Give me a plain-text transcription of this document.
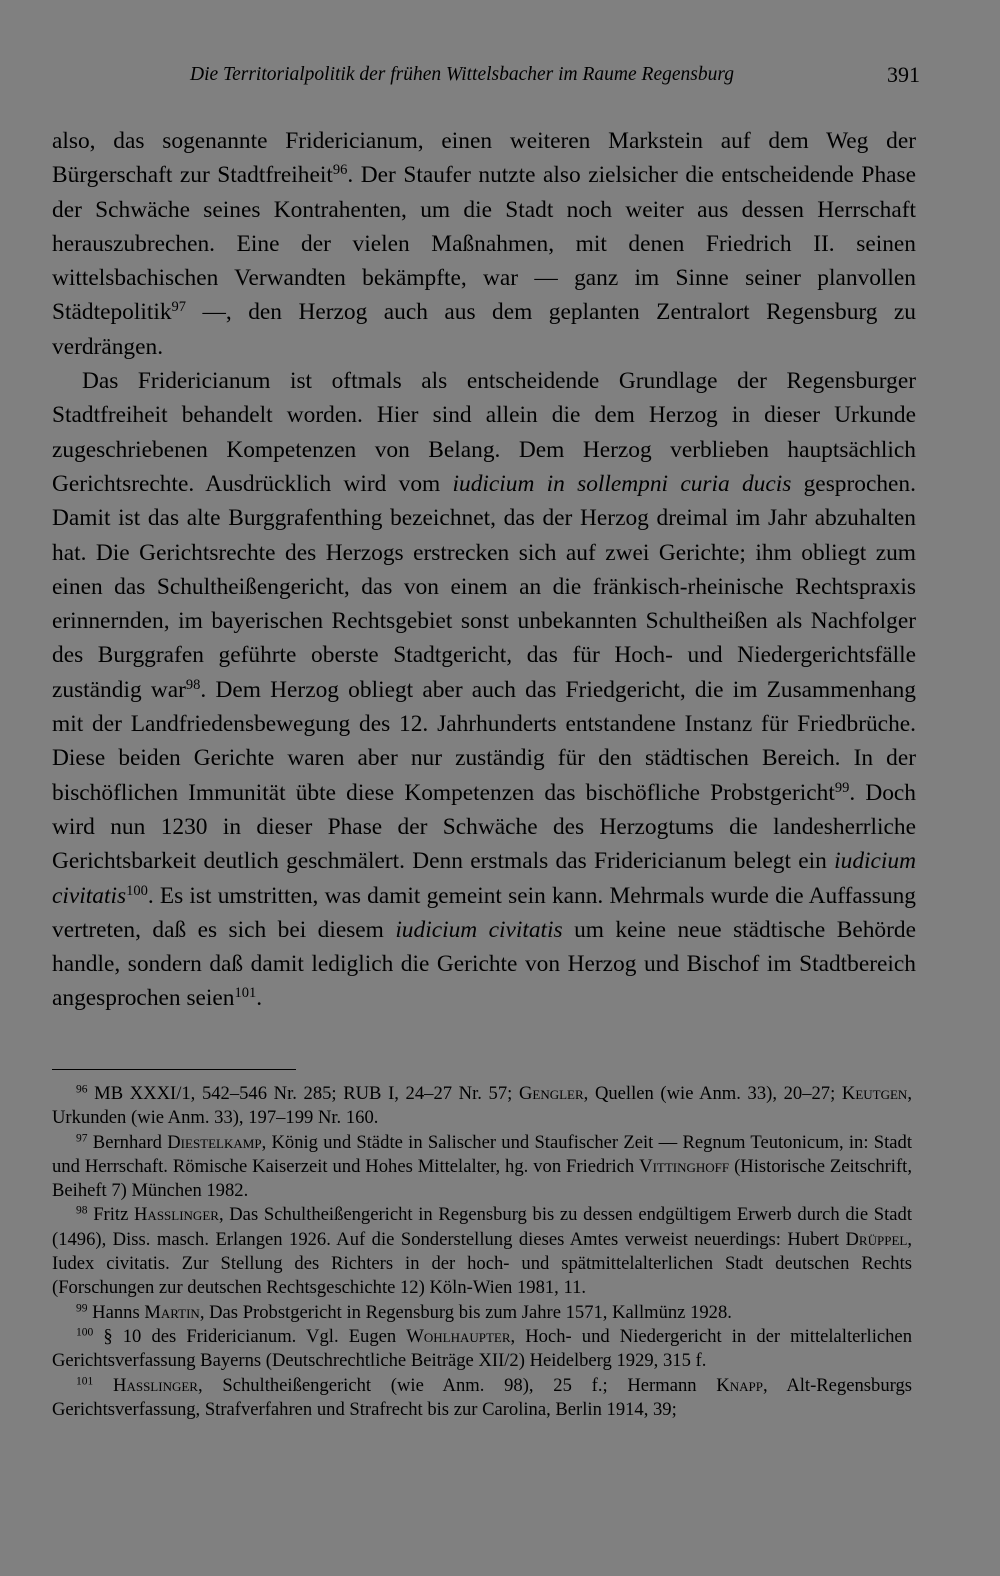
Die Territorialpolitik der frühen Wittelsbacher im Raume Regensburg	391

also, das sogenannte Fridericianum, einen weiteren Markstein auf dem Weg der Bürgerschaft zur Stadtfreiheit$^{96}$. Der Staufer nutzte also zielsicher die entscheidende Phase der Schwäche seines Kontrahenten, um die Stadt noch weiter aus dessen Herrschaft herauszubrechen. Eine der vielen Maßnahmen, mit denen Friedrich II. seinen wittelsbachischen Verwandten bekämpfte, war — ganz im Sinne seiner planvollen Städtepolitik$^{97}$ —, den Herzog auch aus dem geplanten Zentralort Regensburg zu verdrängen.

Das Fridericianum ist oftmals als entscheidende Grundlage der Regensburger Stadtfreiheit behandelt worden. Hier sind allein die dem Herzog in dieser Urkunde zugeschriebenen Kompetenzen von Belang. Dem Herzog verblieben hauptsächlich Gerichtsrechte. Ausdrücklich wird vom iudicium in sollempni curia ducis gesprochen. Damit ist das alte Burggrafenthing bezeichnet, das der Herzog dreimal im Jahr abzuhalten hat. Die Gerichtsrechte des Herzogs erstrecken sich auf zwei Gerichte; ihm obliegt zum einen das Schultheißengericht, das von einem an die fränkisch-rheinische Rechtspraxis erinnernden, im bayerischen Rechtsgebiet sonst unbekannten Schultheißen als Nachfolger des Burggrafen geführte oberste Stadtgericht, das für Hoch- und Niedergerichtsfälle zuständig war$^{98}$. Dem Herzog obliegt aber auch das Friedgericht, die im Zusammenhang mit der Landfriedensbewegung des 12. Jahrhunderts entstandene Instanz für Friedbrüche. Diese beiden Gerichte waren aber nur zuständig für den städtischen Bereich. In der bischöflichen Immunität übte diese Kompetenzen das bischöfliche Probstgericht$^{99}$. Doch wird nun 1230 in dieser Phase der Schwäche des Herzogtums die landesherrliche Gerichtsbarkeit deutlich geschmälert. Denn erstmals das Fridericianum belegt ein iudicium civitatis$^{100}$. Es ist umstritten, was damit gemeint sein kann. Mehrmals wurde die Auffassung vertreten, daß es sich bei diesem iudicium civitatis um keine neue städtische Behörde handle, sondern daß damit lediglich die Gerichte von Herzog und Bischof im Stadtbereich angesprochen seien$^{101}$.

$^{96}$ MB XXXI/1, 542–546 Nr. 285; RUB I, 24–27 Nr. 57; Gengler, Quellen (wie Anm. 33), 20–27; Keutgen, Urkunden (wie Anm. 33), 197–199 Nr. 160.

$^{97}$ Bernhard Diestelkamp, König und Städte in Salischer und Staufischer Zeit — Regnum Teutonicum, in: Stadt und Herrschaft. Römische Kaiserzeit und Hohes Mittelalter, hg. von Friedrich Vittinghoff (Historische Zeitschrift, Beiheft 7) München 1982.

$^{98}$ Fritz Hasslinger, Das Schultheißengericht in Regensburg bis zu dessen endgültigem Erwerb durch die Stadt (1496), Diss. masch. Erlangen 1926. Auf die Sonderstellung dieses Amtes verweist neuerdings: Hubert Drüppel, Iudex civitatis. Zur Stellung des Richters in der hoch- und spätmittelalterlichen Stadt deutschen Rechts (Forschungen zur deutschen Rechtsgeschichte 12) Köln-Wien 1981, 11.

$^{99}$ Hanns Martin, Das Probstgericht in Regensburg bis zum Jahre 1571, Kallmünz 1928.

$^{100}$ § 10 des Fridericianum. Vgl. Eugen Wohlhaupter, Hoch- und Niedergericht in der mittelalterlichen Gerichtsverfassung Bayerns (Deutschrechtliche Beiträge XII/2) Heidelberg 1929, 315 f.

$^{101}$ Hasslinger, Schultheißengericht (wie Anm. 98), 25 f.; Hermann Knapp, Alt-Regensburgs Gerichtsverfassung, Strafverfahren und Strafrecht bis zur Carolina, Berlin 1914, 39;
